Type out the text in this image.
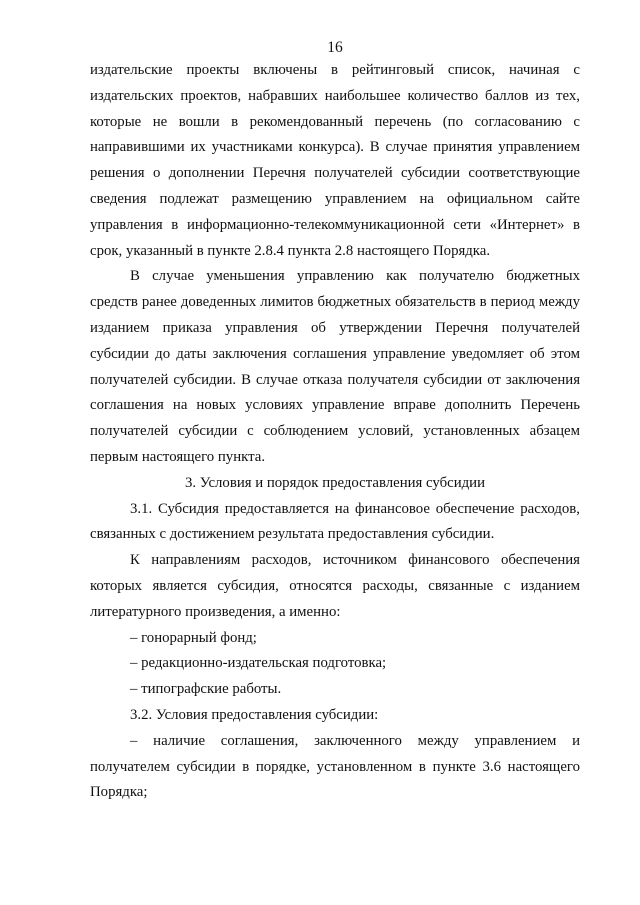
16

издательские проекты включены в рейтинговый список, начиная с издательских проектов, набравших наибольшее количество баллов из тех, которые не вошли в рекомендованный перечень (по согласованию с направившими их участниками конкурса). В случае принятия управлением решения о дополнении Перечня получателей субсидии соответствующие сведения подлежат размещению управлением на официальном сайте управления в информационно-телекоммуникационной сети «Интернет» в срок, указанный в пункте 2.8.4 пункта 2.8 настоящего Порядка.

В случае уменьшения управлению как получателю бюджетных средств ранее доведенных лимитов бюджетных обязательств в период между изданием приказа управления об утверждении Перечня получателей субсидии до даты заключения соглашения управление уведомляет об этом получателей субсидии. В случае отказа получателя субсидии от заключения соглашения на новых условиях управление вправе дополнить Перечень получателей субсидии с соблюдением условий, установленных абзацем первым настоящего пункта.

3. Условия и порядок предоставления субсидии

3.1. Субсидия предоставляется на финансовое обеспечение расходов, связанных с достижением результата предоставления субсидии.

К направлениям расходов, источником финансового обеспечения которых является субсидия, относятся расходы, связанные с изданием литературного произведения, а именно:

– гонорарный фонд;

– редакционно-издательская подготовка;

– типографские работы.

3.2. Условия предоставления субсидии:

– наличие соглашения, заключенного между управлением и получателем субсидии в порядке, установленном в пункте 3.6 настоящего Порядка;
